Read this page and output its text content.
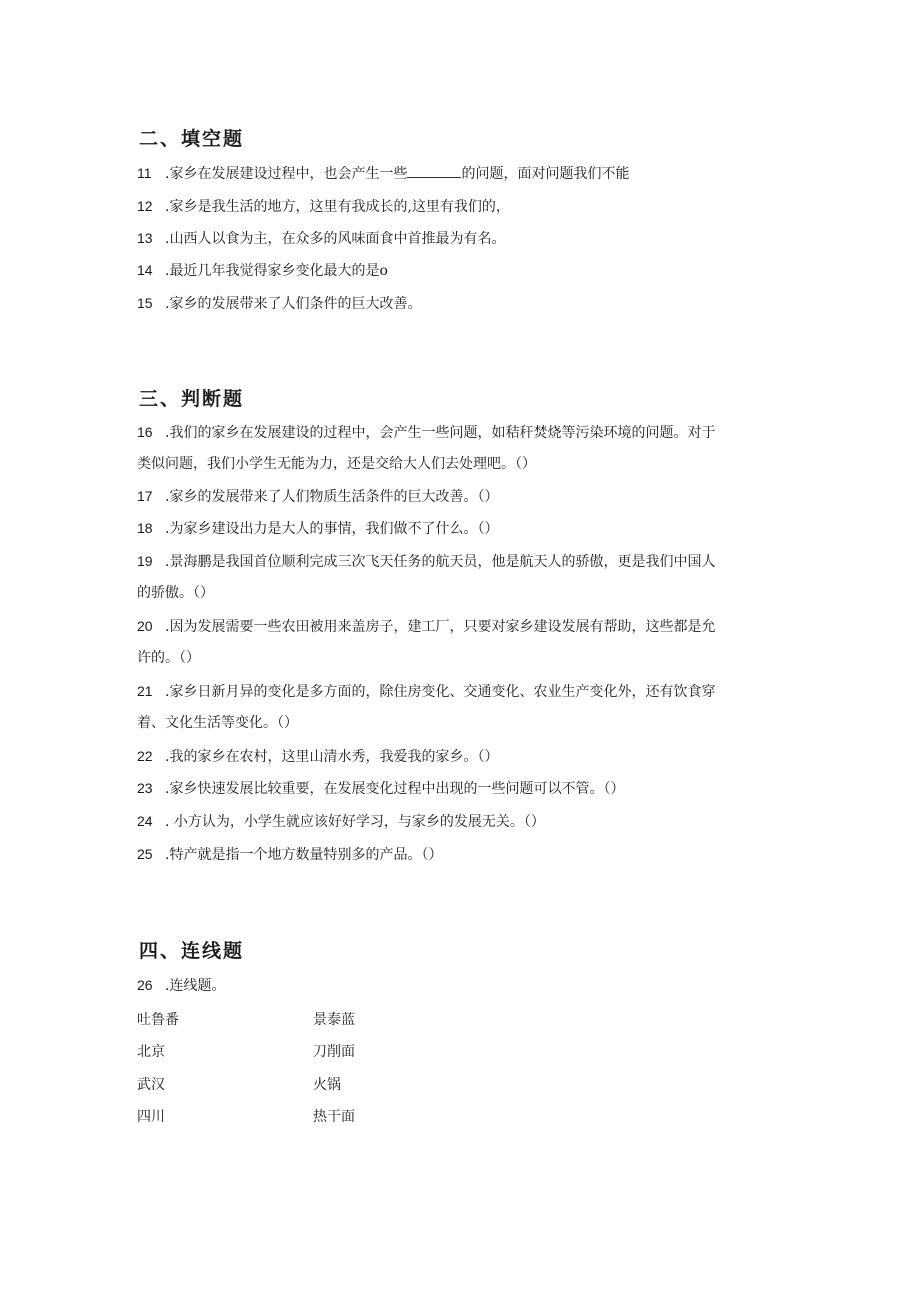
二、填空题
11 .家乡在发展建设过程中，也会产生一些	的问题，面对问题我们不能
12 .家乡是我生活的地方，这里有我成长的,这里有我们的，
13 .山西人以食为主，在众多的风味面食中首推最为有名。
14 .最近几年我觉得家乡变化最大的是o
15 .家乡的发展带来了人们条件的巨大改善。
三、判断题
16 .我们的家乡在发展建设的过程中，会产生一些问题，如秸秆焚烧等污染环境的问题。对于
类似问题，我们小学生无能为力，还是交给大人们去处理吧。（）
17 .家乡的发展带来了人们物质生活条件的巨大改善。（）
18 .为家乡建设出力是大人的事情，我们做不了什么。（）
19 .景海鹏是我国首位顺利完成三次飞天任务的航天员，他是航天人的骄傲，更是我们中国人
的骄傲。（）
20 .因为发展需要一些农田被用来盖房子，建工厂，只要对家乡建设发展有帮助，这些都是允
许的。（）
21 .家乡日新月异的变化是多方面的，除住房变化、交通变化、农业生产变化外，还有饮食穿
着、文化生活等变化。（）
22 .我的家乡在农村，这里山清水秀，我爱我的家乡。（）
23 .家乡快速发展比较重要，在发展变化过程中出现的一些问题可以不管。（）
24 . 小方认为，小学生就应该好好学习，与家乡的发展无关。（）
25 .特产就是指一个地方数量特别多的产品。（）
四、连线题
26 .连线题。
吐鲁番	景泰蓝
北京	刀削面
武汉	火锅
四川	热干面
